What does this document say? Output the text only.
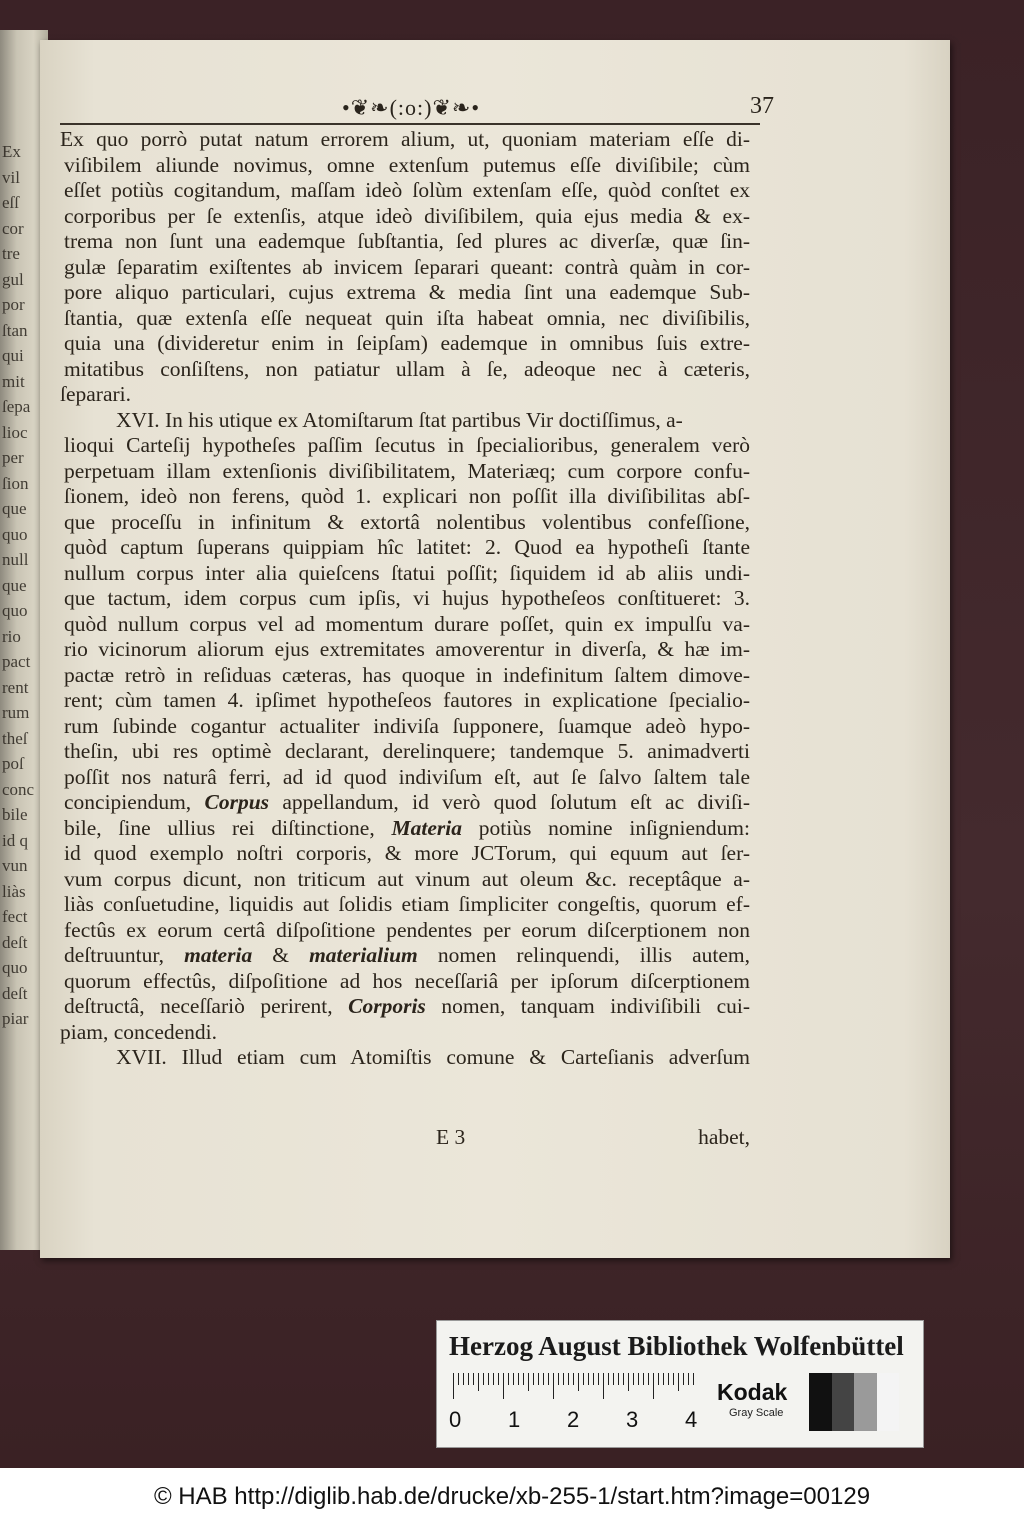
Ex
vil
eſſ
cor
tre
gul
por
ſtan
qui
mit
ſepa
lioc
per
ſion
que
quo
null
que
quo
rio
pact
rent
rum
theſ
poſ
conc
bile
id q
vun
liàs
fect
deſt
quo
deſt
piar
•❦❧(:o:)❦❧•	37
Ex quo porrò putat natum errorem alium, ut, quoniam materiam eſſe di-
viſibilem aliunde novimus, omne extenſum putemus eſſe diviſibile; cùm
eſſet potiùs cogitandum, maſſam ideò ſolùm extenſam eſſe, quòd conſtet ex
corporibus per ſe extenſis, atque ideò diviſibilem, quia ejus media & ex-
trema non ſunt una eademque ſubſtantia, ſed plures ac diverſæ, quæ ſin-
gulæ ſeparatim exiſtentes ab invicem ſeparari queant: contrà quàm in cor-
pore aliquo particulari, cujus extrema & media ſint una eademque Sub-
ſtantia, quæ extenſa eſſe nequeat quin iſta habeat omnia, nec diviſibilis,
quia una (divideretur enim in ſeipſam) eademque in omnibus ſuis extre-
mitatibus conſiſtens, non patiatur ullam à ſe, adeoque nec à cæteris,
ſeparari.
XVI. In his utique ex Atomiſtarum ſtat partibus Vir doctiſſimus, a-
lioqui Carteſij hypotheſes paſſim ſecutus in ſpecialioribus, generalem verò
perpetuam illam extenſionis diviſibilitatem, Materiæq; cum corpore confu-
ſionem, ideò non ferens, quòd 1. explicari non poſſit illa diviſibilitas abſ-
que proceſſu in infinitum & extortâ nolentibus volentibus confeſſione,
quòd captum ſuperans quippiam hîc latitet: 2. Quod ea hypotheſi ſtante
nullum corpus inter alia quieſcens ſtatui poſſit; ſiquidem id ab aliis undi-
que tactum, idem corpus cum ipſis, vi hujus hypotheſeos conſtitueret: 3.
quòd nullum corpus vel ad momentum durare poſſet, quin ex impulſu va-
rio vicinorum aliorum ejus extremitates amoverentur in diverſa, & hæ im-
pactæ retrò in reſiduas cæteras, has quoque in indefinitum ſaltem dimove-
rent; cùm tamen 4. ipſimet hypotheſeos fautores in explicatione ſpecialio-
rum ſubinde cogantur actualiter indiviſa ſupponere, ſuamque adeò hypo-
theſin, ubi res optimè declarant, derelinquere; tandemque 5. animadverti
poſſit nos naturâ ferri, ad id quod indiviſum eſt, aut ſe ſalvo ſaltem tale
concipiendum, Corpus appellandum, id verò quod ſolutum eſt ac diviſi-
bile, ſine ullius rei diſtinctione, Materia potiùs nomine inſigniendum:
id quod exemplo noſtri corporis, & more JCTorum, qui equum aut ſer-
vum corpus dicunt, non triticum aut vinum aut oleum &c. receptâque a-
liàs conſuetudine, liquidis aut ſolidis etiam ſimpliciter congeſtis, quorum ef-
fectûs ex eorum certâ diſpoſitione pendentes per eorum diſcerptionem non
deſtruuntur, materia & materialium nomen relinquendi, illis autem,
quorum effectûs, diſpoſitione ad hos neceſſariâ per ipſorum diſcerptionem
deſtructâ, neceſſariò perirent, Corporis nomen, tanquam indiviſibili cui-
piam, concedendi.
XVII. Illud etiam cum Atomiſtis comune & Carteſianis adverſum
E 3	habet,
Herzog August Bibliothek Wolfenbüttel
0 1 2 3 4
Kodak
Gray Scale
© HAB http://diglib.hab.de/drucke/xb-255-1/start.htm?image=00129
